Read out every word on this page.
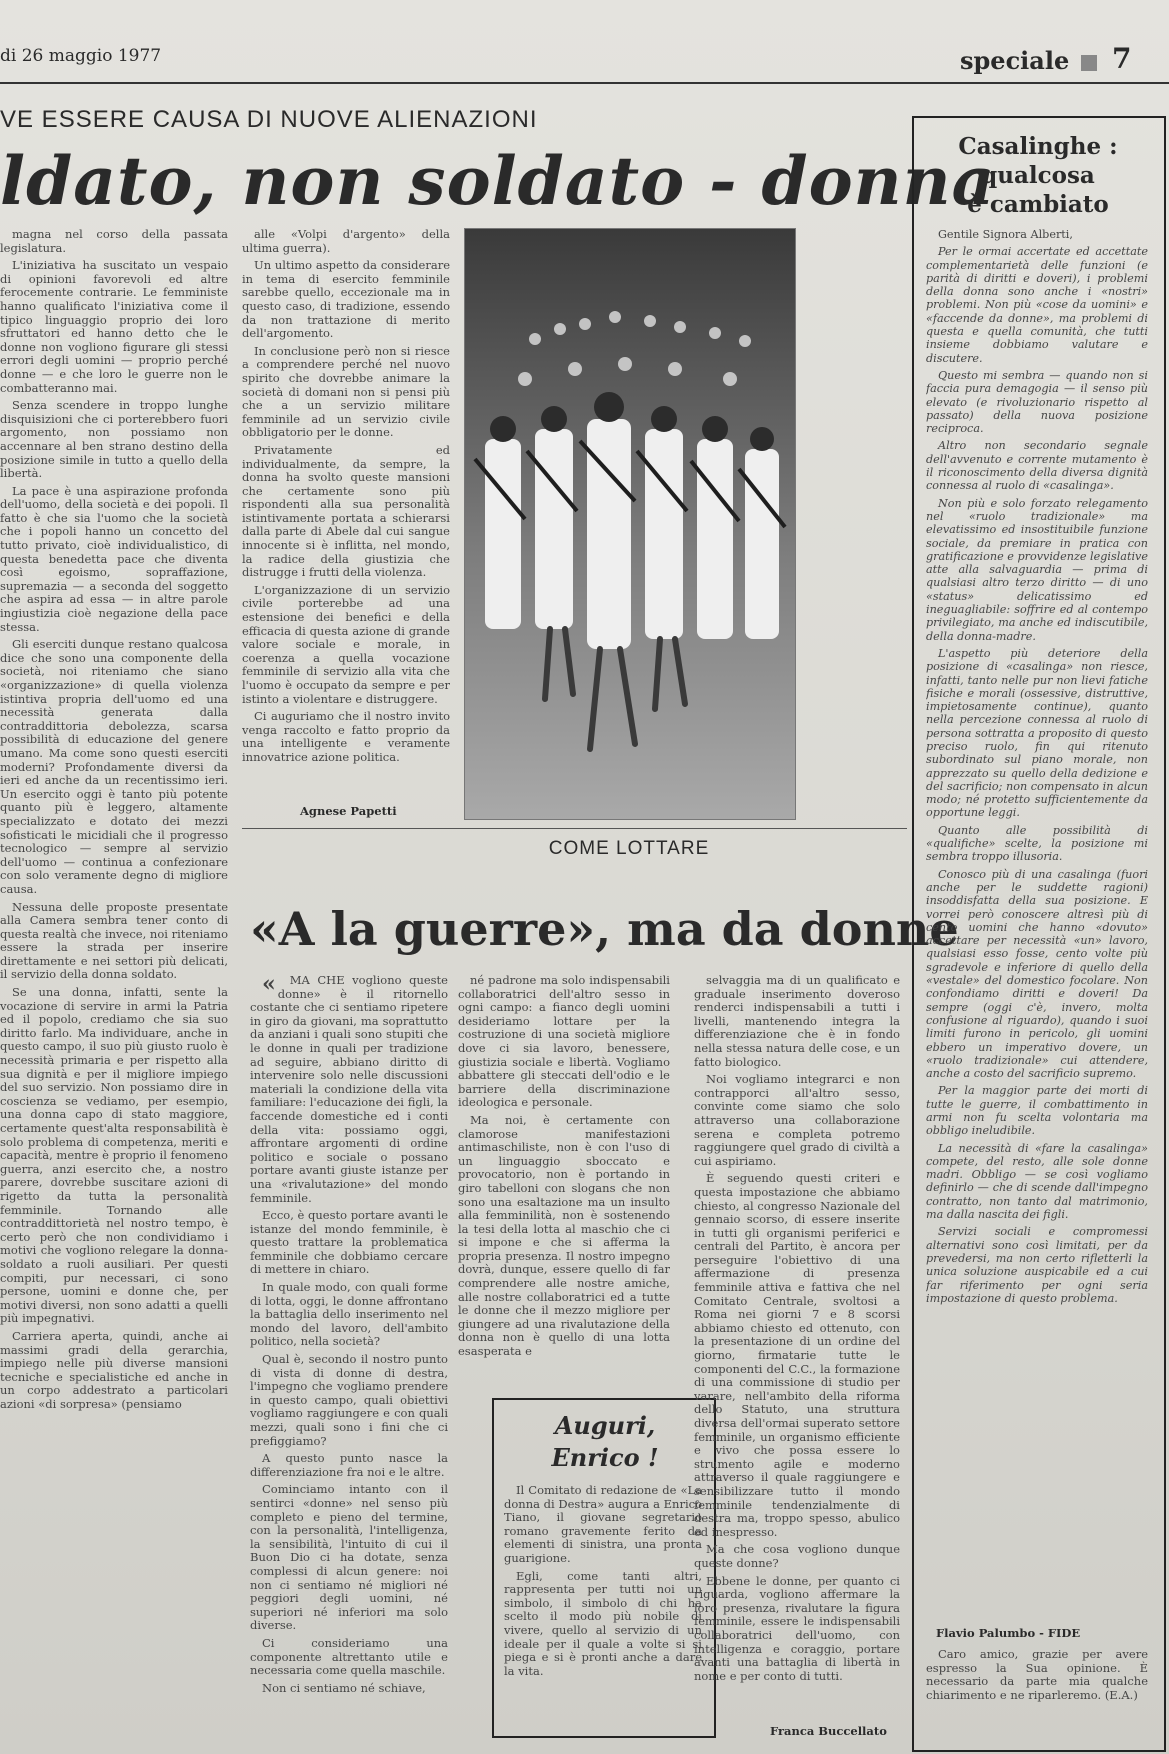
di 26 maggio 1977	speciale	7
VE ESSERE CAUSA DI NUOVE ALIENAZIONI
ldato, non soldato - donna

magna nel corso della passata legislatura.

L'iniziativa ha suscitato un vespaio di opinioni favorevoli ed altre ferocemente contrarie. Le femministe hanno qualificato l'iniziativa come il tipico linguaggio proprio dei loro sfruttatori ed hanno detto che le donne non vogliono figurare gli stessi errori degli uomini — proprio perché donne — e che loro le guerre non le combatteranno mai.

Senza scendere in troppo lunghe disquisizioni che ci porterebbero fuori argomento, non possiamo non accennare al ben strano destino della posizione simile in tutto a quello della libertà.

La pace è una aspirazione profonda dell'uomo, della società e dei popoli. Il fatto è che sia l'uomo che la società che i popoli hanno un concetto del tutto privato, cioè individualistico, di questa benedetta pace che diventa così egoismo, sopraffazione, supremazia — a seconda del soggetto che aspira ad essa — in altre parole ingiustizia cioè negazione della pace stessa.

Gli eserciti dunque restano qualcosa dice che sono una componente della società, noi riteniamo che siano «organizzazione» di quella violenza istintiva propria dell'uomo ed una necessità generata dalla contraddittoria debolezza, scarsa possibilità di educazione del genere umano. Ma come sono questi eserciti moderni? Profondamente diversi da ieri ed anche da un recentissimo ieri. Un esercito oggi è tanto più potente quanto più è leggero, altamente specializzato e dotato dei mezzi sofisticati le micidiali che il progresso tecnologico — sempre al servizio dell'uomo — continua a confezionare con solo veramente degno di migliore causa.

Nessuna delle proposte presentate alla Camera sembra tener conto di questa realtà che invece, noi riteniamo essere la strada per inserire direttamente e nei settori più delicati, il servizio della donna soldato.

Se una donna, infatti, sente la vocazione di servire in armi la Patria ed il popolo, crediamo che sia suo diritto farlo. Ma individuare, anche in questo campo, il suo più giusto ruolo è necessità primaria e per rispetto alla sua dignità e per il migliore impiego del suo servizio. Non possiamo dire in coscienza se vediamo, per esempio, una donna capo di stato maggiore, certamente quest'alta responsabilità è solo problema di competenza, meriti e capacità, mentre è proprio il fenomeno guerra, anzi esercito che, a nostro parere, dovrebbe suscitare azioni di rigetto da tutta la personalità femminile. Tornando alle contraddittorietà nel nostro tempo, è certo però che non condividiamo i motivi che vogliono relegare la donna-soldato a ruoli ausiliari. Per questi compiti, pur necessari, ci sono persone, uomini e donne che, per motivi diversi, non sono adatti a quelli più impegnativi.

Carriera aperta, quindi, anche ai massimi gradi della gerarchia, impiego nelle più diverse mansioni tecniche e specialistiche ed anche in un corpo addestrato a particolari azioni «di sorpresa» (pensiamo

alle «Volpi d'argento» della ultima guerra).

Un ultimo aspetto da considerare in tema di esercito femminile sarebbe quello, eccezionale ma in questo caso, di tradizione, essendo da non trattazione di merito dell'argomento.

In conclusione però non si riesce a comprendere perché nel nuovo spirito che dovrebbe animare la società di domani non si pensi più che a un servizio militare femminile ad un servizio civile obbligatorio per le donne.

Privatamente ed individualmente, da sempre, la donna ha svolto queste mansioni che certamente sono più rispondenti alla sua personalità istintivamente portata a schierarsi dalla parte di Abele dal cui sangue innocente si è inflitta, nel mondo, la radice della giustizia che distrugge i frutti della violenza.

L'organizzazione di un servizio civile porterebbe ad una estensione dei benefici e della efficacia di questa azione di grande valore sociale e morale, in coerenza a quella vocazione femminile di servizio alla vita che l'uomo è occupato da sempre e per istinto a violentare e distruggere.

Ci auguriamo che il nostro invito venga raccolto e fatto proprio da una intelligente e veramente innovatrice azione politica.

Agnese Papetti
COME LOTTARE
«A la guerre», ma da donne

« MA CHE vogliono queste donne» è il ritornello costante che ci sentiamo ripetere in giro da giovani, ma soprattutto da anziani i quali sono stupiti che le donne in quali per tradizione ad seguire, abbiano diritto di intervenire solo nelle discussioni materiali la condizione della vita familiare: l'educazione dei figli, la faccende domestiche ed i conti della vita: possiamo oggi, affrontare argomenti di ordine politico e sociale o possano portare avanti giuste istanze per una «rivalutazione» del mondo femminile.

Ecco, è questo portare avanti le istanze del mondo femminile, è questo trattare la problematica femminile che dobbiamo cercare di mettere in chiaro.

In quale modo, con quali forme di lotta, oggi, le donne affrontano la battaglia dello inserimento nel mondo del lavoro, dell'ambito politico, nella società?

Qual è, secondo il nostro punto di vista di donne di destra, l'impegno che vogliamo prendere in questo campo, quali obiettivi vogliamo raggiungere e con quali mezzi, quali sono i fini che ci prefiggiamo?

A questo punto nasce la differenziazione fra noi e le altre.

Cominciamo intanto con il sentirci «donne» nel senso più completo e pieno del termine, con la personalità, l'intelligenza, la sensibilità, l'intuito di cui il Buon Dio ci ha dotate, senza complessi di alcun genere: noi non ci sentiamo né migliori né peggiori degli uomini, né superiori né inferiori ma solo diverse.

Ci consideriamo una componente altrettanto utile e necessaria come quella maschile.

Non ci sentiamo né schiave,

né padrone ma solo indispensabili collaboratrici dell'altro sesso in ogni campo: a fianco degli uomini desideriamo lottare per la costruzione di una società migliore dove ci sia lavoro, benessere, giustizia sociale e libertà. Vogliamo abbattere gli steccati dell'odio e le barriere della discriminazione ideologica e personale.

Ma noi, è certamente con clamorose manifestazioni antimaschiliste, non è con l'uso di un linguaggio sboccato e provocatorio, non è portando in giro tabelloni con slogans che non sono una esaltazione ma un insulto alla femminilità, non è sostenendo la tesi della lotta al maschio che ci si impone e che si afferma la propria presenza. Il nostro impegno dovrà, dunque, essere quello di far comprendere alle nostre amiche, alle nostre collaboratrici ed a tutte le donne che il mezzo migliore per giungere ad una rivalutazione della donna non è quello di una lotta esasperata e

Auguri,
Enrico !

Il Comitato di redazione de «La donna di Destra» augura a Enrico Tiano, il giovane segretario romano gravemente ferito da elementi di sinistra, una pronta guarigione.

Egli, come tanti altri, rappresenta per tutti noi un simbolo, il simbolo di chi ha scelto il modo più nobile di vivere, quello al servizio di un ideale per il quale a volte si si piega e si è pronti anche a dare la vita.

selvaggia ma di un qualificato e graduale inserimento doveroso renderci indispensabili a tutti i livelli, mantenendo integra la differenziazione che è in fondo nella stessa natura delle cose, e un fatto biologico.

Noi vogliamo integrarci e non contrapporci all'altro sesso, convinte come siamo che solo attraverso una collaborazione serena e completa potremo raggiungere quel grado di civiltà a cui aspiriamo.

È seguendo questi criteri e questa impostazione che abbiamo chiesto, al congresso Nazionale del gennaio scorso, di essere inserite in tutti gli organismi periferici e centrali del Partito, è ancora per perseguire l'obiettivo di una affermazione di presenza femminile attiva e fattiva che nel Comitato Centrale, svoltosi a Roma nei giorni 7 e 8 scorsi abbiamo chiesto ed ottenuto, con la presentazione di un ordine del giorno, firmatarie tutte le componenti del C.C., la formazione di una commissione di studio per varare, nell'ambito della riforma dello Statuto, una struttura diversa dell'ormai superato settore femminile, un organismo efficiente e vivo che possa essere lo strumento agile e moderno attraverso il quale raggiungere e sensibilizzare tutto il mondo femminile tendenzialmente di destra ma, troppo spesso, abulico ed inespresso.

Ma che cosa vogliono dunque queste donne?

Ebbene le donne, per quanto ci riguarda, vogliono affermare la loro presenza, rivalutare la figura femminile, essere le indispensabili collaboratrici dell'uomo, con intelligenza e coraggio, portare avanti una battaglia di libertà in nome e per conto di tutti.

Franca Buccellato
Casalinghe :
qualcosa
è cambiato

Gentile Signora Alberti,

Per le ormai accertate ed accettate complementarietà delle funzioni (e parità di diritti e doveri), i problemi della donna sono anche i «nostri» problemi. Non più «cose da uomini» e «faccende da donne», ma problemi di questa e quella comunità, che tutti insieme dobbiamo valutare e discutere.

Questo mi sembra — quando non si faccia pura demagogia — il senso più elevato (e rivoluzionario rispetto al passato) della nuova posizione reciproca.

Altro non secondario segnale dell'avvenuto e corrente mutamento è il riconoscimento della diversa dignità connessa al ruolo di «casalinga».

Non più e solo forzato relegamento nel «ruolo tradizionale» ma elevatissimo ed insostituibile funzione sociale, da premiare in pratica con gratificazione e provvidenze legislative atte alla salvaguardia — prima di qualsiasi altro terzo diritto — di uno «status» delicatissimo ed ineguagliabile: soffrire ed al contempo privilegiato, ma anche ed indiscutibile, della donna-madre.

L'aspetto più deteriore della posizione di «casalinga» non riesce, infatti, tanto nelle pur non lievi fatiche fisiche e morali (ossessive, distruttive, impietosamente continue), quanto nella percezione connessa al ruolo di persona sottratta a proposito di questo preciso ruolo, fin qui ritenuto subordinato sul piano morale, non apprezzato su quello della dedizione e del sacrificio; non compensato in alcun modo; né protetto sufficientemente da opportune leggi.

Quanto alle possibilità di «qualifiche» scelte, la posizione mi sembra troppo illusoria.

Conosco più di una casalinga (fuori anche per le suddette ragioni) insoddisfatta della sua posizione. E vorrei però conoscere altresì più di cento uomini che hanno «dovuto» accettare per necessità «un» lavoro, qualsiasi esso fosse, cento volte più sgradevole e inferiore di quello della «vestale» del domestico focolare. Non confondiamo diritti e doveri! Da sempre (oggi c'è, invero, molta confusione al riguardo), quando i suoi limiti furono in pericolo, gli uomini ebbero un imperativo dovere, un «ruolo tradizionale» cui attendere, anche a costo del sacrificio supremo.

Per la maggior parte dei morti di tutte le guerre, il combattimento in armi non fu scelta volontaria ma obbligo ineludibile.

La necessità di «fare la casalinga» compete, del resto, alle sole donne madri. Obbligo — se così vogliamo definirlo — che di scende dall'impegno contratto, non tanto dal matrimonio, ma dalla nascita dei figli.

Servizi sociali e compromessi alternativi sono così limitati, per da prevedersi, ma non certo rifletterli la unica soluzione auspicabile ed a cui far riferimento per ogni seria impostazione di questo problema.

Flavio Palumbo - FIDE

Caro amico, grazie per avere espresso la Sua opinione. È necessario da parte mia qualche chiarimento e ne riparleremo. (E.A.)
